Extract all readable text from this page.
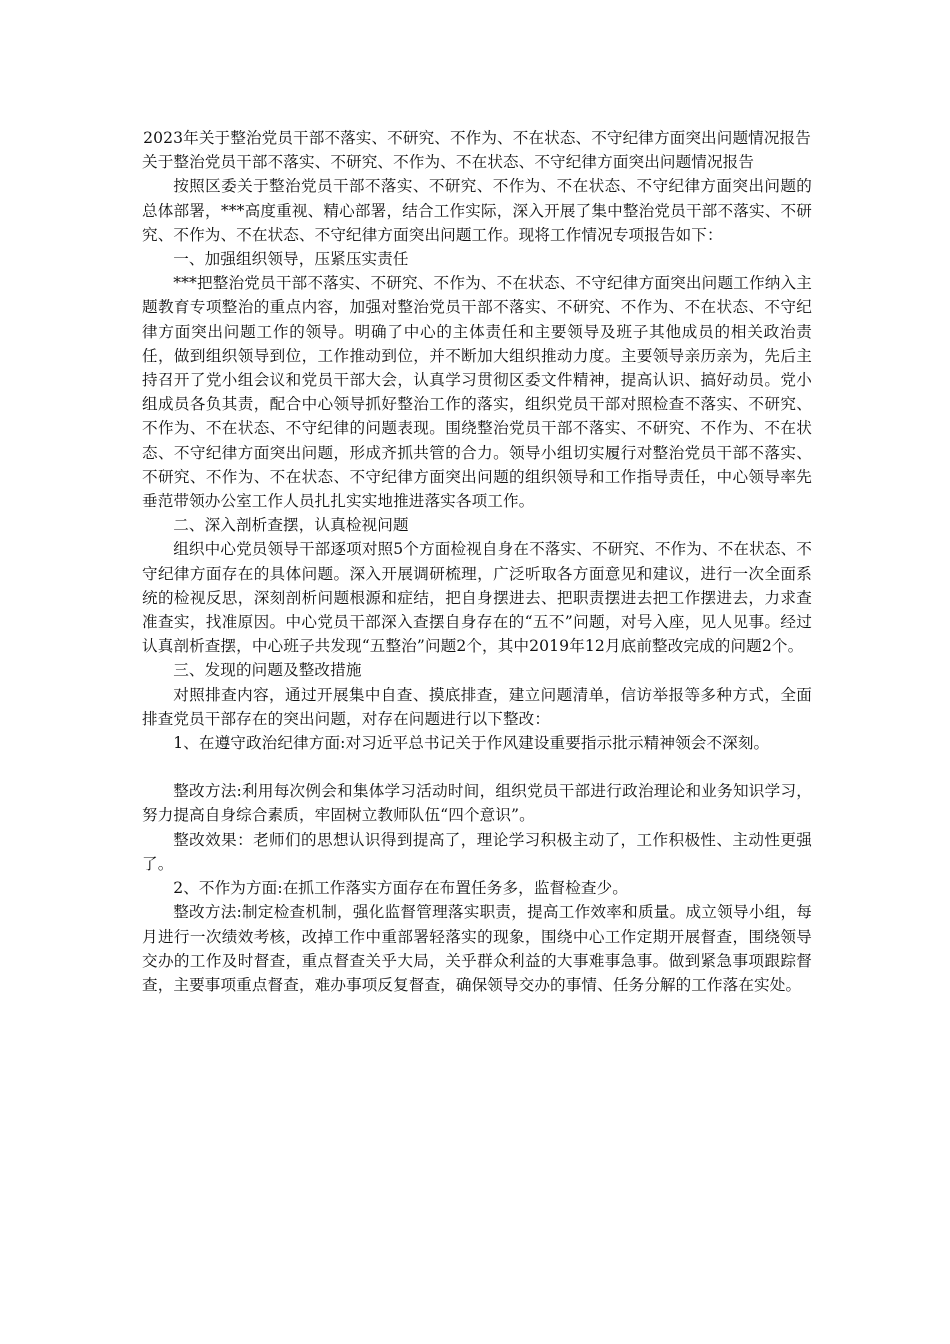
2023年关于整治党员干部不落实、不研究、不作为、不在状态、不守纪律方面突出问题情况报告

关于整治党员干部不落实、不研究、不作为、不在状态、不守纪律方面突出问题情况报告

按照区委关于整治党员干部不落实、不研究、不作为、不在状态、不守纪律方面突出问题的总体部署，***高度重视、精心部署，结合工作实际，深入开展了集中整治党员干部不落实、不研究、不作为、不在状态、不守纪律方面突出问题工作。现将工作情况专项报告如下：

一、加强组织领导，压紧压实责任

***把整治党员干部不落实、不研究、不作为、不在状态、不守纪律方面突出问题工作纳入主题教育专项整治的重点内容，加强对整治党员干部不落实、不研究、不作为、不在状态、不守纪律方面突出问题工作的领导。明确了中心的主体责任和主要领导及班子其他成员的相关政治责任，做到组织领导到位，工作推动到位，并不断加大组织推动力度。主要领导亲历亲为，先后主持召开了党小组会议和党员干部大会，认真学习贯彻区委文件精神，提高认识、搞好动员。党小组成员各负其责，配合中心领导抓好整治工作的落实，组织党员干部对照检查不落实、不研究、不作为、不在状态、不守纪律的问题表现。围绕整治党员干部不落实、不研究、不作为、不在状态、不守纪律方面突出问题，形成齐抓共管的合力。领导小组切实履行对整治党员干部不落实、不研究、不作为、不在状态、不守纪律方面突出问题的组织领导和工作指导责任，中心领导率先垂范带领办公室工作人员扎扎实实地推进落实各项工作。

二、深入剖析查摆，认真检视问题

组织中心党员领导干部逐项对照5个方面检视自身在不落实、不研究、不作为、不在状态、不守纪律方面存在的具体问题。深入开展调研梳理，广泛听取各方面意见和建议，进行一次全面系统的检视反思，深刻剖析问题根源和症结，把自身摆进去、把职责摆进去把工作摆进去，力求查准查实，找准原因。中心党员干部深入查摆自身存在的“五不”问题，对号入座，见人见事。经过认真剖析查摆，中心班子共发现“五整治”问题2个，其中2019年12月底前整改完成的问题2个。

三、发现的问题及整改措施

对照排查内容，通过开展集中自查、摸底排查，建立问题清单，信访举报等多种方式，全面排查党员干部存在的突出问题，对存在问题进行以下整改：

1、在遵守政治纪律方面:对习近平总书记关于作风建设重要指示批示精神领会不深刻。

整改方法:利用每次例会和集体学习活动时间，组织党员干部进行政治理论和业务知识学习，努力提高自身综合素质，牢固树立教师队伍“四个意识”。

整改效果：老师们的思想认识得到提高了，理论学习积极主动了，工作积极性、主动性更强了。

2、不作为方面:在抓工作落实方面存在布置任务多，监督检查少。

整改方法:制定检查机制，强化监督管理落实职责，提高工作效率和质量。成立领导小组，每月进行一次绩效考核，改掉工作中重部署轻落实的现象，围绕中心工作定期开展督查，围绕领导交办的工作及时督查，重点督查关乎大局，关乎群众利益的大事难事急事。做到紧急事项跟踪督查，主要事项重点督查，难办事项反复督查，确保领导交办的事情、任务分解的工作落在实处。
